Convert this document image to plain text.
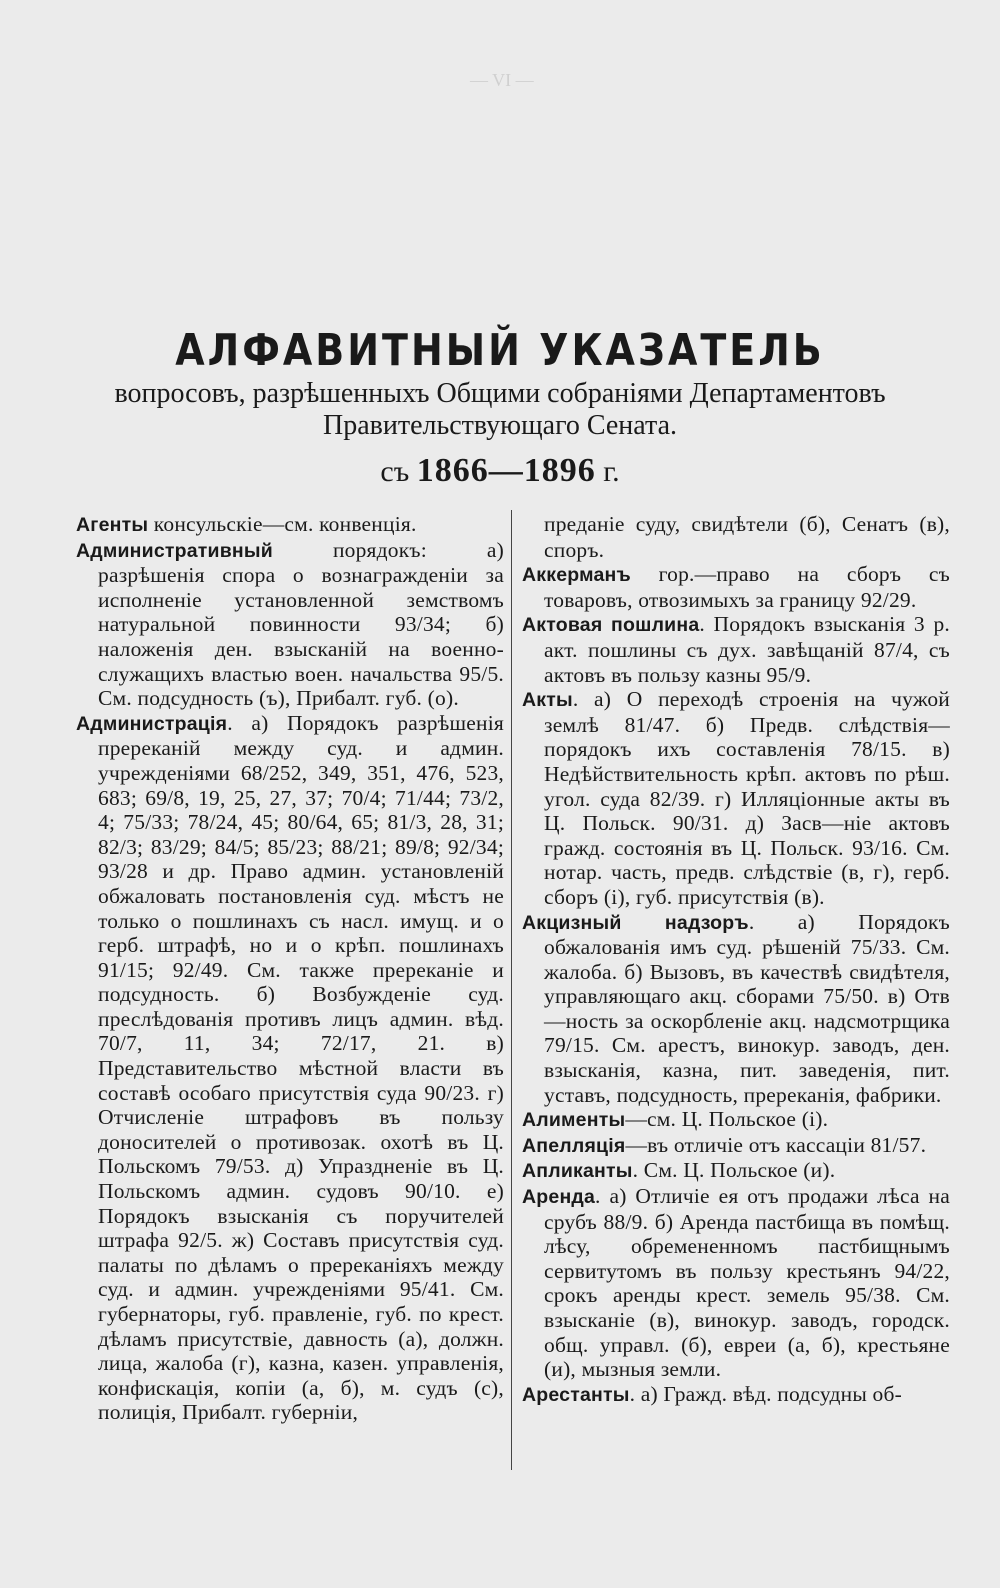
— VI —
АЛФАВИТНЫЙ УКАЗАТЕЛЬ

вопросовъ, разрѣшенныхъ Общими собраніями Департаментовъ

Правительствующаго Сената.

съ 1866—1896 г.

Агенты консульскіе—см. конвенція.

Административный порядокъ: а) разрѣшенія спора о вознагражденіи за исполненіе установленной земствомъ натуральной повинности 93/34; б) наложенія ден. взысканій на военно-служащихъ властью воен. начальства 95/5. См. подсудность (ъ), Прибалт. губ. (о).

Администрація. а) Порядокъ разрѣшенія пререканій между суд. и админ. учрежденіями 68/252, 349, 351, 476, 523, 683; 69/8, 19, 25, 27, 37; 70/4; 71/44; 73/2, 4; 75/33; 78/24, 45; 80/64, 65; 81/3, 28, 31; 82/3; 83/29; 84/5; 85/23; 88/21; 89/8; 92/34; 93/28 и др. Право админ. установленій обжаловать постановленія суд. мѣстъ не только о пошлинахъ съ насл. имущ. и о герб. штрафѣ, но и о крѣп. пошлинахъ 91/15; 92/49. См. также пререканіе и подсудность. б) Возбужденіе суд. преслѣдованія противъ лицъ админ. вѣд. 70/7, 11, 34; 72/17, 21. в) Представительство мѣстной власти въ составѣ особаго присутствія суда 90/23. г) Отчисленіе штрафовъ въ пользу доносителей о противозак. охотѣ въ Ц. Польскомъ 79/53. д) Упраздненіе въ Ц. Польскомъ админ. судовъ 90/10. е) Порядокъ взысканія съ поручителей штрафа 92/5. ж) Составъ присутствія суд. палаты по дѣламъ о пререканіяхъ между суд. и админ. учрежденіями 95/41. См. губернаторы, губ. правленіе, губ. по крест. дѣламъ присутствіе, давность (а), должн. лица, жалоба (г), казна, казен. управленія, конфискація, копіи (а, б), м. судъ (с), полиція, Прибалт. губерніи,

преданіе суду, свидѣтели (б), Сенатъ (в), споръ.

Аккерманъ гор.—право на сборъ съ товаровъ, отвозимыхъ за границу 92/29.

Актовая пошлина. Порядокъ взысканія 3 р. акт. пошлины съ дух. завѣщаній 87/4, съ актовъ въ пользу казны 95/9.

Акты. а) О переходѣ строенія на чужой землѣ 81/47. б) Предв. слѣдствія—порядокъ ихъ составленія 78/15. в) Недѣйствительность крѣп. актовъ по рѣш. угол. суда 82/39. г) Илляціонные акты въ Ц. Польск. 90/31. д) Засв—ніе актовъ гражд. состоянія въ Ц. Польск. 93/16. См. нотар. часть, предв. слѣдствіе (в, г), герб. сборъ (і), губ. присутствія (в).

Акцизный надзоръ. а) Порядокъ обжалованія имъ суд. рѣшеній 75/33. См. жалоба. б) Вызовъ, въ качествѣ свидѣтеля, управляющаго акц. сборами 75/50. в) Отв—ность за оскорбленіе акц. надсмотрщика 79/15. См. арестъ, винокур. заводъ, ден. взысканія, казна, пит. заведенія, пит. уставъ, подсудность, пререканія, фабрики.

Алименты—см. Ц. Польское (і).

Апелляція—въ отличіе отъ кассаціи 81/57.

Апликанты. См. Ц. Польское (и).

Аренда. а) Отличіе ея отъ продажи лѣса на срубъ 88/9. б) Аренда пастбища въ помѣщ. лѣсу, обремененномъ пастбищнымъ сервитутомъ въ пользу крестьянъ 94/22, срокъ аренды крест. земель 95/38. См. взысканіе (в), винокур. заводъ, городск. общ. управл. (б), евреи (а, б), крестьяне (и), мызныя земли.

Арестанты. а) Гражд. вѣд. подсудны об-
